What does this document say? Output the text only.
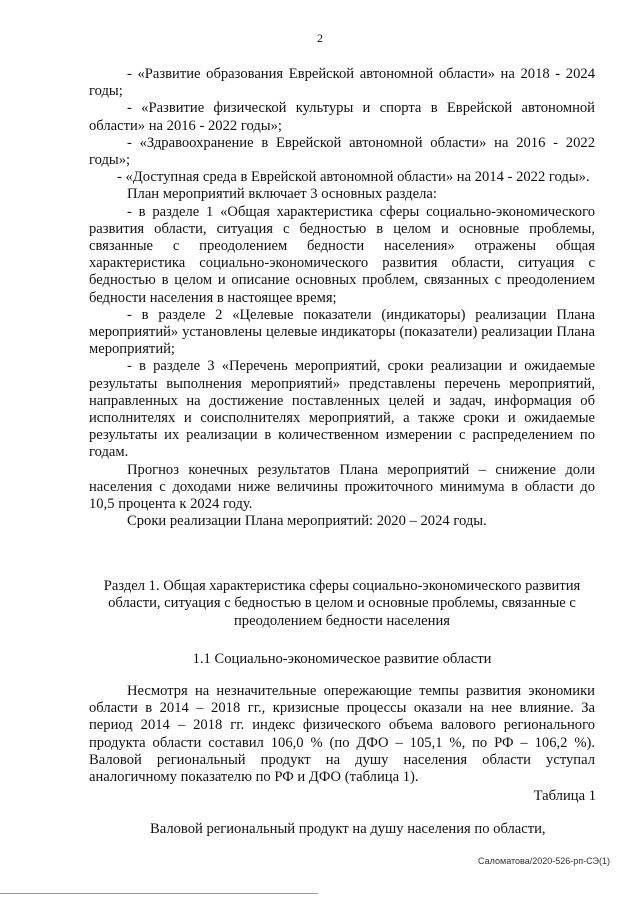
2

- «Развитие образования Еврейской автономной области» на 2018 - 2024 годы;

- «Развитие физической культуры и спорта в Еврейской автономной области» на 2016 - 2022 годы»;

- «Здравоохранение в Еврейской автономной области» на 2016 - 2022 годы»;

- «Доступная среда в Еврейской автономной области» на 2014 - 2022 годы».

План мероприятий включает 3 основных раздела:

- в разделе 1 «Общая характеристика сферы социально-экономического развития области, ситуация с бедностью в целом и основные проблемы, связанные с преодолением бедности населения» отражены общая характеристика социально-экономического развития области, ситуация с бедностью в целом и описание основных проблем, связанных с преодолением бедности населения в настоящее время;

- в разделе 2 «Целевые показатели (индикаторы) реализации Плана мероприятий» установлены целевые индикаторы (показатели) реализации Плана мероприятий;

- в разделе 3 «Перечень мероприятий, сроки реализации и ожидаемые результаты выполнения мероприятий» представлены перечень мероприятий, направленных на достижение поставленных целей и задач, информация об исполнителях и соисполнителях мероприятий, а также сроки и ожидаемые результаты их реализации в количественном измерении с распределением по годам.

Прогноз конечных результатов Плана мероприятий – снижение доли населения с доходами ниже величины прожиточного минимума в области до 10,5 процента к 2024 году.

Сроки реализации Плана мероприятий: 2020 – 2024 годы.

Раздел 1. Общая характеристика сферы социально-экономического развития области, ситуация с бедностью в целом и основные проблемы, связанные с преодолением бедности населения
1.1 Социально-экономическое развитие области

Несмотря на незначительные опережающие темпы развития экономики области в 2014 – 2018 гг., кризисные процессы оказали на нее влияние. За период 2014 – 2018 гг. индекс физического объема валового регионального продукта области составил 106,0 % (по ДФО – 105,1 %, по РФ – 106,2 %). Валовой региональный продукт на душу населения области уступал аналогичному показателю по РФ и ДФО (таблица 1).

Таблица 1
Валовой региональный продукт на душу населения по области,
Саломатова/2020-526-рп-СЭ(1)
